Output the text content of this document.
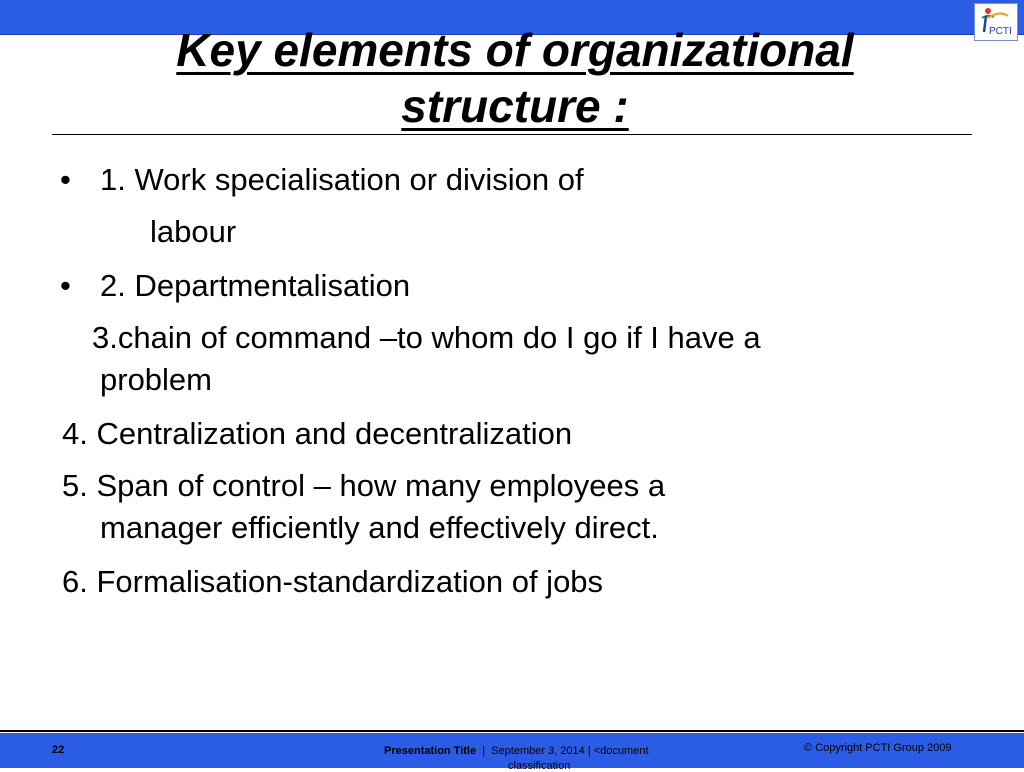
PCTI
Key elements of organizational
structure :
• 1. Work specialisation or division of
labour
• 2. Departmentalisation
3.chain of command –to whom do I go if I have a
problem
4. Centralization and decentralization
5. Span of control – how many employees a
manager efficiently and effectively direct.
6. Formalisation-standardization of jobs
22	Presentation Title | September 3, 2014 | <document
classification
© Copyright PCTI Group 2009
